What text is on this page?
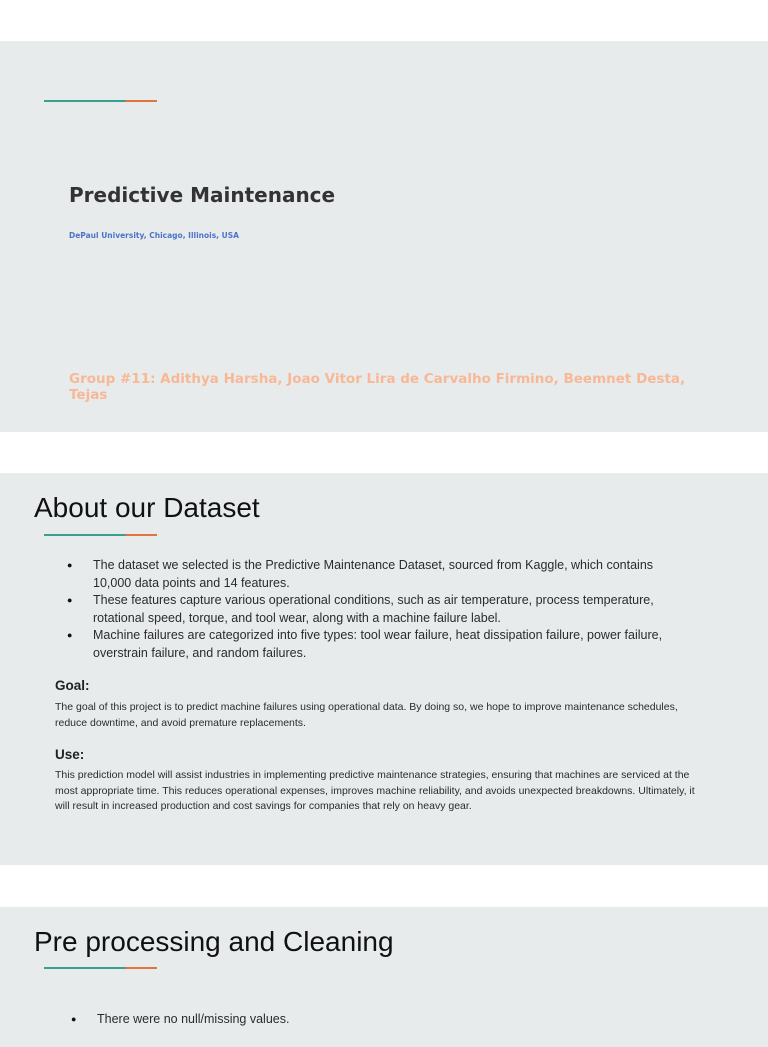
Predictive Maintenance

DePaul University, Chicago, Illinois, USA

Group #11: Adithya Harsha, Joao Vitor Lira de Carvalho Firmino, Beemnet Desta, Tejas

About our Dataset
● The dataset we selected is the Predictive Maintenance Dataset, sourced from Kaggle, which contains 10,000 data points and 14 features.
● These features capture various operational conditions, such as air temperature, process temperature, rotational speed, torque, and tool wear, along with a machine failure label.
● Machine failures are categorized into five types: tool wear failure, heat dissipation failure, power failure, overstrain failure, and random failures.

Goal:

The goal of this project is to predict machine failures using operational data. By doing so, we hope to improve maintenance schedules, reduce downtime, and avoid premature replacements.

Use:

This prediction model will assist industries in implementing predictive maintenance strategies, ensuring that machines are serviced at the most appropriate time. This reduces operational expenses, improves machine reliability, and avoids unexpected breakdowns. Ultimately, it will result in increased production and cost savings for companies that rely on heavy gear.

Pre processing and Cleaning
● There were no null/missing values.
